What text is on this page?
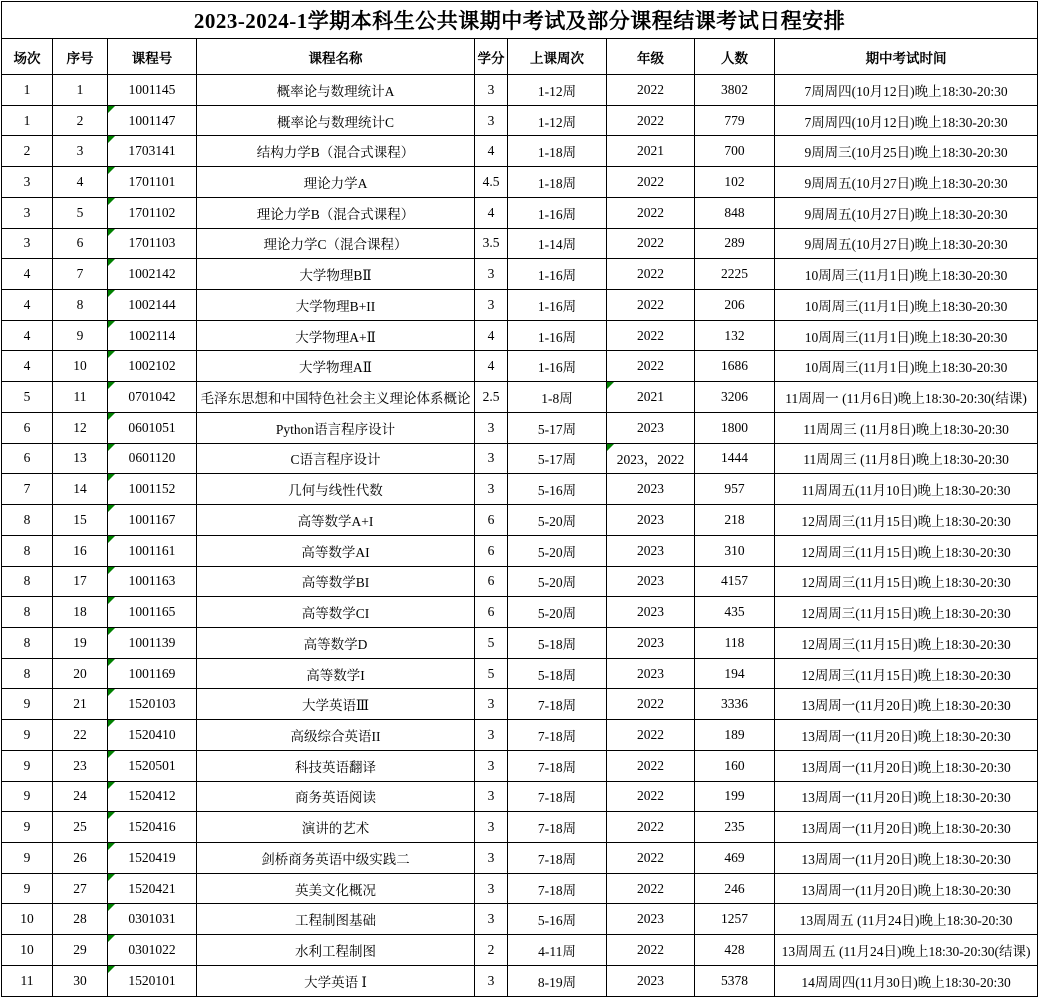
2023-2024-1学期本科生公共课期中考试及部分课程结课考试日程安排								
场次	序号	课程号	课程名称	学分	上课周次	年级	人数	期中考试时间
1	1	1001145	概率论与数理统计A	3	1-12周	2022	3802	7周周四(10月12日)晚上18:30-20:30
1	2	1001147	概率论与数理统计C	3	1-12周	2022	779	7周周四(10月12日)晚上18:30-20:30
2	3	1703141	结构力学B（混合式课程）	4	1-18周	2021	700	9周周三(10月25日)晚上18:30-20:30
3	4	1701101	理论力学A	4.5	1-18周	2022	102	9周周五(10月27日)晚上18:30-20:30
3	5	1701102	理论力学B（混合式课程）	4	1-16周	2022	848	9周周五(10月27日)晚上18:30-20:30
3	6	1701103	理论力学C（混合课程）	3.5	1-14周	2022	289	9周周五(10月27日)晚上18:30-20:30
4	7	1002142	大学物理BⅡ	3	1-16周	2022	2225	10周周三(11月1日)晚上18:30-20:30
4	8	1002144	大学物理B+II	3	1-16周	2022	206	10周周三(11月1日)晚上18:30-20:30
4	9	1002114	大学物理A+Ⅱ	4	1-16周	2022	132	10周周三(11月1日)晚上18:30-20:30
4	10	1002102	大学物理AⅡ	4	1-16周	2022	1686	10周周三(11月1日)晚上18:30-20:30
5	11	0701042	毛泽东思想和中国特色社会主义理论体系概论	2.5	1-8周	2021	3206	11周周一 (11月6日)晚上18:30-20:30(结课)
6	12	0601051	Python语言程序设计	3	5-17周	2023	1800	11周周三 (11月8日)晚上18:30-20:30
6	13	0601120	C语言程序设计	3	5-17周	2023，2022	1444	11周周三 (11月8日)晚上18:30-20:30
7	14	1001152	几何与线性代数	3	5-16周	2023	957	11周周五(11月10日)晚上18:30-20:30
8	15	1001167	高等数学A+I	6	5-20周	2023	218	12周周三(11月15日)晚上18:30-20:30
8	16	1001161	高等数学AI	6	5-20周	2023	310	12周周三(11月15日)晚上18:30-20:30
8	17	1001163	高等数学BI	6	5-20周	2023	4157	12周周三(11月15日)晚上18:30-20:30
8	18	1001165	高等数学CI	6	5-20周	2023	435	12周周三(11月15日)晚上18:30-20:30
8	19	1001139	高等数学D	5	5-18周	2023	118	12周周三(11月15日)晚上18:30-20:30
8	20	1001169	高等数学I	5	5-18周	2023	194	12周周三(11月15日)晚上18:30-20:30
9	21	1520103	大学英语Ⅲ	3	7-18周	2022	3336	13周周一(11月20日)晚上18:30-20:30
9	22	1520410	高级综合英语II	3	7-18周	2022	189	13周周一(11月20日)晚上18:30-20:30
9	23	1520501	科技英语翻译	3	7-18周	2022	160	13周周一(11月20日)晚上18:30-20:30
9	24	1520412	商务英语阅读	3	7-18周	2022	199	13周周一(11月20日)晚上18:30-20:30
9	25	1520416	演讲的艺术	3	7-18周	2022	235	13周周一(11月20日)晚上18:30-20:30
9	26	1520419	剑桥商务英语中级实践二	3	7-18周	2022	469	13周周一(11月20日)晚上18:30-20:30
9	27	1520421	英美文化概况	3	7-18周	2022	246	13周周一(11月20日)晚上18:30-20:30
10	28	0301031	工程制图基础	3	5-16周	2023	1257	13周周五 (11月24日)晚上18:30-20:30
10	29	0301022	水利工程制图	2	4-11周	2022	428	13周周五 (11月24日)晚上18:30-20:30(结课)
11	30	1520101	大学英语 Ⅰ	3	8-19周	2023	5378	14周周四(11月30日)晚上18:30-20:30
